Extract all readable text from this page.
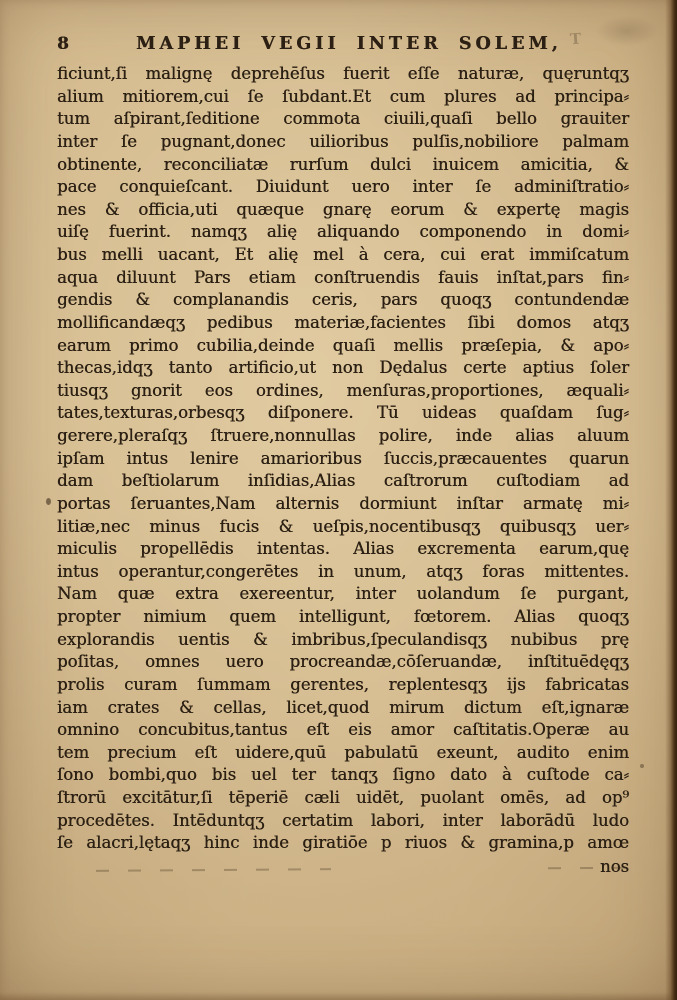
T
8	MAPHEI VEGII INTER SOLEM,
ficiunt,ſi malignę deprehēſus fuerit eſſe naturæ, quęruntqʒ
alium mitiorem,cui ſe ſubdant.Et cum plures ad principa⸗
tum aſpirant,ſeditione commota ciuili,quaſi bello grauiter
inter ſe pugnant,donec uilioribus pulſis,nobiliore palmam
obtinente, reconciliatæ rurſum dulci inuicem amicitia, &
pace conquieſcant. Diuidunt uero inter ſe adminiſtratio⸗
nes & officia,uti quæque gnarę eorum & expertę magis
uiſę fuerint. namqʒ alię aliquando componendo in domi⸗
bus melli uacant, Et alię mel à cera, cui erat immiſcatum
aqua diluunt Pars etiam conſtruendis fauis inſtat,pars fin⸗
gendis & complanandis ceris, pars quoqʒ contundendæ
mollificandæqʒ pedibus materiæ,facientes ſibi domos atqʒ
earum primo cubilia,deinde quaſi mellis præſepia, & apo⸗
thecas,idqʒ tanto artificio,ut non Dędalus certe aptius ſoler
tiusqʒ gnorit eos ordines, menſuras,proportiones, æquali⸗
tates,texturas,orbesqʒ diſponere. Tū uideas quaſdam ſug⸗
gerere,pleraſqʒ ſtruere,nonnullas polire, inde alias aluum
ipſam intus lenire amarioribus ſuccis,præcauentes quarun
dam beſtiolarum inſidias,Alias caſtrorum cuſtodiam ad
portas ſeruantes,Nam alternis dormiunt inſtar armatę mi⸗
litiæ,nec minus fucis & ueſpis,nocentibusqʒ quibusqʒ uer⸗
miculis propellēdis intentas. Alias excrementa earum,quę
intus operantur,congerētes in unum, atqʒ foras mittentes.
Nam quæ extra exereentur, inter uolandum ſe purgant,
propter nimium quem intelligunt, fœtorem. Alias quoqʒ
explorandis uentis & imbribus,ſpeculandisqʒ nubibus prę
poſitas, omnes uero procreandæ,cōſeruandæ, inſtituēdęqʒ
prolis curam ſummam gerentes, replentesqʒ ijs fabricatas
iam crates & cellas, licet,quod mirum dictum eſt,ignaræ
omnino concubitus,tantus eſt eis amor caſtitatis.Operæ au
tem precium eſt uidere,quū pabulatū exeunt, audito enim
ſono bombi,quo bis uel ter tanqʒ ſigno dato à cuſtode ca⸗
ſtrorū excitātur,ſi tēperiē cæli uidēt, puolant omēs, ad op⁹
procedētes. Intēduntqʒ certatim labori, inter laborādū ludo
ſe alacri,lętaqʒ hinc inde giratiōe p riuos & gramina,p amœ
nos
